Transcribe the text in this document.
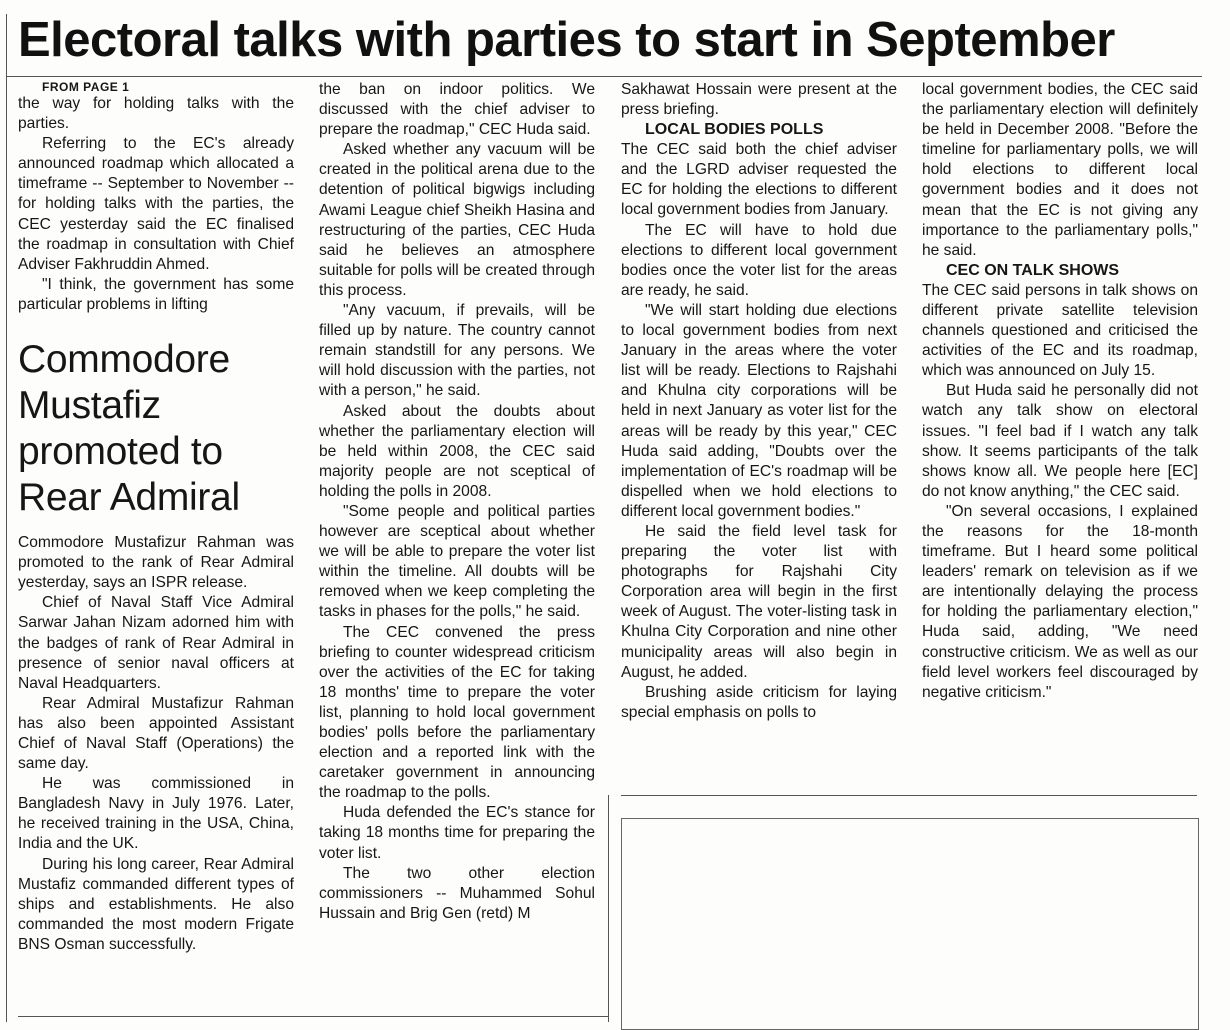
Electoral talks with parties to start in September

FROM PAGE 1

the way for holding talks with the parties.

Referring to the EC's already announced roadmap which allocated a timeframe -- September to November -- for holding talks with the parties, the CEC yesterday said the EC finalised the roadmap in consultation with Chief Adviser Fakhruddin Ahmed.

"I think, the government has some particular problems in lifting

Commodore Mustafiz promoted to Rear Admiral

Commodore Mustafizur Rahman was promoted to the rank of Rear Admiral yesterday, says an ISPR release.

Chief of Naval Staff Vice Admiral Sarwar Jahan Nizam adorned him with the badges of rank of Rear Admiral in presence of senior naval officers at Naval Headquarters.

Rear Admiral Mustafizur Rahman has also been appointed Assistant Chief of Naval Staff (Operations) the same day.

He was commissioned in Bangladesh Navy in July 1976. Later, he received training in the USA, China, India and the UK.

During his long career, Rear Admiral Mustafiz commanded different types of ships and establishments. He also commanded the most modern Frigate BNS Osman successfully.

the ban on indoor politics. We discussed with the chief adviser to prepare the roadmap," CEC Huda said.

Asked whether any vacuum will be created in the political arena due to the detention of political bigwigs including Awami League chief Sheikh Hasina and restructuring of the parties, CEC Huda said he believes an atmosphere suitable for polls will be created through this process.

"Any vacuum, if prevails, will be filled up by nature. The country cannot remain standstill for any persons. We will hold discussion with the parties, not with a person," he said.

Asked about the doubts about whether the parliamentary election will be held within 2008, the CEC said majority people are not sceptical of holding the polls in 2008.

"Some people and political parties however are sceptical about whether we will be able to prepare the voter list within the timeline. All doubts will be removed when we keep completing the tasks in phases for the polls," he said.

The CEC convened the press briefing to counter widespread criticism over the activities of the EC for taking 18 months' time to prepare the voter list, planning to hold local government bodies' polls before the parliamentary election and a reported link with the caretaker government in announcing the roadmap to the polls.

Huda defended the EC's stance for taking 18 months time for preparing the voter list.

The two other election commissioners -- Muhammed Sohul Hussain and Brig Gen (retd) M

Sakhawat Hossain were present at the press briefing.

LOCAL BODIES POLLS

The CEC said both the chief adviser and the LGRD adviser requested the EC for holding the elections to different local government bodies from January.

The EC will have to hold due elections to different local government bodies once the voter list for the areas are ready, he said.

"We will start holding due elections to local government bodies from next January in the areas where the voter list will be ready. Elections to Rajshahi and Khulna city corporations will be held in next January as voter list for the areas will be ready by this year," CEC Huda said adding, "Doubts over the implementation of EC's roadmap will be dispelled when we hold elections to different local government bodies."

He said the field level task for preparing the voter list with photographs for Rajshahi City Corporation area will begin in the first week of August. The voter-listing task in Khulna City Corporation and nine other municipality areas will also begin in August, he added.

Brushing aside criticism for laying special emphasis on polls to

local government bodies, the CEC said the parliamentary election will definitely be held in December 2008. "Before the timeline for parliamentary polls, we will hold elections to different local government bodies and it does not mean that the EC is not giving any importance to the parliamentary polls," he said.

CEC ON TALK SHOWS

The CEC said persons in talk shows on different private satellite television channels questioned and criticised the activities of the EC and its roadmap, which was announced on July 15.

But Huda said he personally did not watch any talk show on electoral issues. "I feel bad if I watch any talk show. It seems participants of the talk shows know all. We people here [EC] do not know anything," the CEC said.

"On several occasions, I explained the reasons for the 18-month timeframe. But I heard some political leaders' remark on television as if we are intentionally delaying the process for holding the parliamentary election," Huda said, adding, "We need constructive criticism. We as well as our field level workers feel discouraged by negative criticism."
